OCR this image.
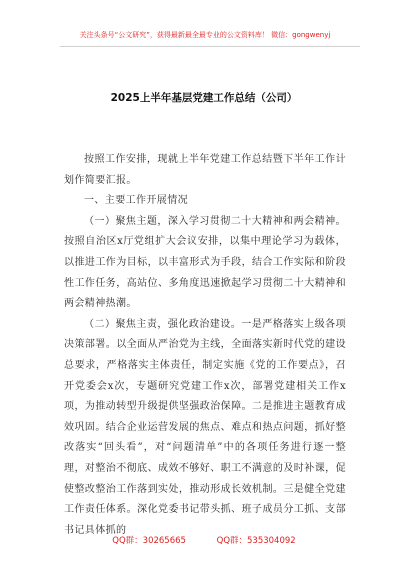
关注头条号“公文研究”，获得最新最全最专业的公文资料库！ 微信：gongwenyj
2025上半年基层党建工作总结（公司）

按照工作安排，现就上半年党建工作总结暨下半年工作计划作简要汇报。

一、主要工作开展情况

（一）聚焦主题，深入学习贯彻二十大精神和两会精神。按照自治区x厅党组扩大会议安排，以集中理论学习为载体，以推进工作为目标，以丰富形式为手段，结合工作实际和阶段性工作任务，高站位、多角度迅速掀起学习贯彻二十大精神和两会精神热潮。

（二）聚焦主责，强化政治建设。一是严格落实上级各项决策部署。以全面从严治党为主线，全面落实新时代党的建设总要求，严格落实主体责任，制定实施《党的工作要点》，召开党委会x次，专题研究党建工作x次，部署党建相关工作x项，为推动转型升级提供坚强政治保障。二是推进主题教育成效巩固。结合企业运营发展的焦点、难点和热点问题，抓好整改落实“回头看”，对“问题清单”中的各项任务进行逐一整理，对整治不彻底、成效不够好、职工不满意的及时补课，促使整改整治工作落到实处，推动形成长效机制。三是健全党建工作责任体系。深化党委书记带头抓、班子成员分工抓、支部书记具体抓的

QQ群：30265665	QQ群：535304092
